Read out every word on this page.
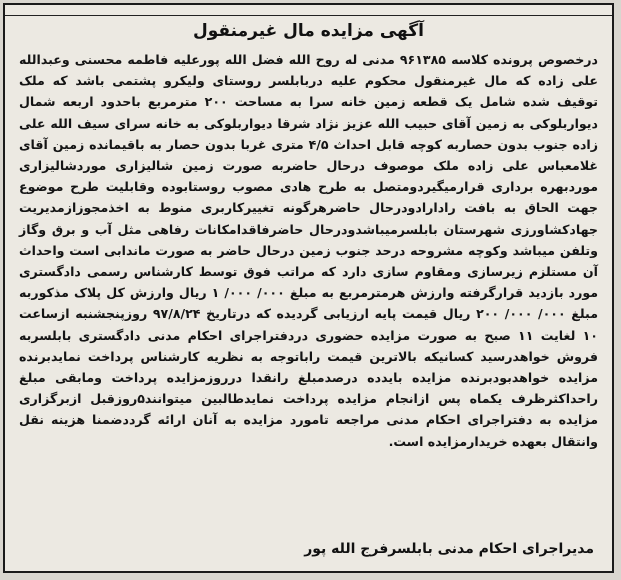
آگهی مزایده مال غیرمنقول

درخصوص پرونده کلاسه ۹۶۱۳۸۵ مدنی له روح الله فضل الله پورعلیه فاطمه محسنی وعبدالله علی زاده که مال غیرمنقول محکوم علیه دربابلسر روستای ولیکرو پشتمی باشد که ملک توقیف شده شامل یک قطعه زمین خانه سرا به مساحت ۲۰۰ مترمربع باحدود اربعه شمال دیواربلوکی به زمین آقای حبیب الله عزیز نژاد شرقا دیواربلوکی به خانه سرای سیف الله علی زاده جنوب بدون حصاربه کوچه قابل احداث ۴/۵ متری غربا بدون حصار به باقیمانده زمین آقای غلامعباس علی زاده ملک موصوف درحال حاضربه صورت زمین شالیزاری موردشالیزاری موردبهره برداری قرارمیگیردومتصل به طرح هادی مصوب روستابوده وقابلیت طرح موضوع جهت الحاق به بافت رادارادودرحال حاضرهرگونه تغییرکاربری منوط به اخذمجوزازمدیریت جهادکشاورزی شهرستان بابلسرمیباشدودرحال حاضرفاقدامکانات رفاهی مثل آب و برق وگاز وتلفن میباشد وکوچه مشروحه درحد جنوب زمین درحال حاضر به صورت ماندابی است واحداث آن مستلزم زیرسازی ومقاوم سازی دارد که مراتب فوق توسط کارشناس رسمی دادگستری مورد بازدید قرارگرفته وارزش هرمترمربع به مبلغ ۰۰۰/ ۰۰۰/ ۱ ریال وارزش کل پلاک مذکوربه مبلغ ۰۰۰/ ۰۰۰/ ۲۰۰ ریال قیمت پایه ارزیابی گردیده که درتاریخ ۹۷/۸/۲۴ روزپنجشنبه ازساعت ۱۰ لغایت ۱۱ صبح به صورت مزایده حضوری دردفتراجرای احکام مدنی دادگستری بابلسربه فروش خواهدرسید کسانیکه بالاترین قیمت راباتوجه به نظریه کارشناس پرداخت نمایدبرنده مزایده خواهدبودبرنده مزایده بایدده درصدمبلغ رانقدا درروزمزایده پرداخت ومابقی مبلغ راحداکثرظرف یکماه پس ازانجام مزایده پرداخت نمایدطالبین میتوانند۵روزقبل ازبرگزاری مزایده به دفتراجرای احکام مدنی مراجعه تامورد مزایده به آنان ارائه گرددضمنا هزینه نقل وانتقال بعهده خریدارمزایده است.

مدیراجرای احکام مدنی بابلسرفرج الله پور
